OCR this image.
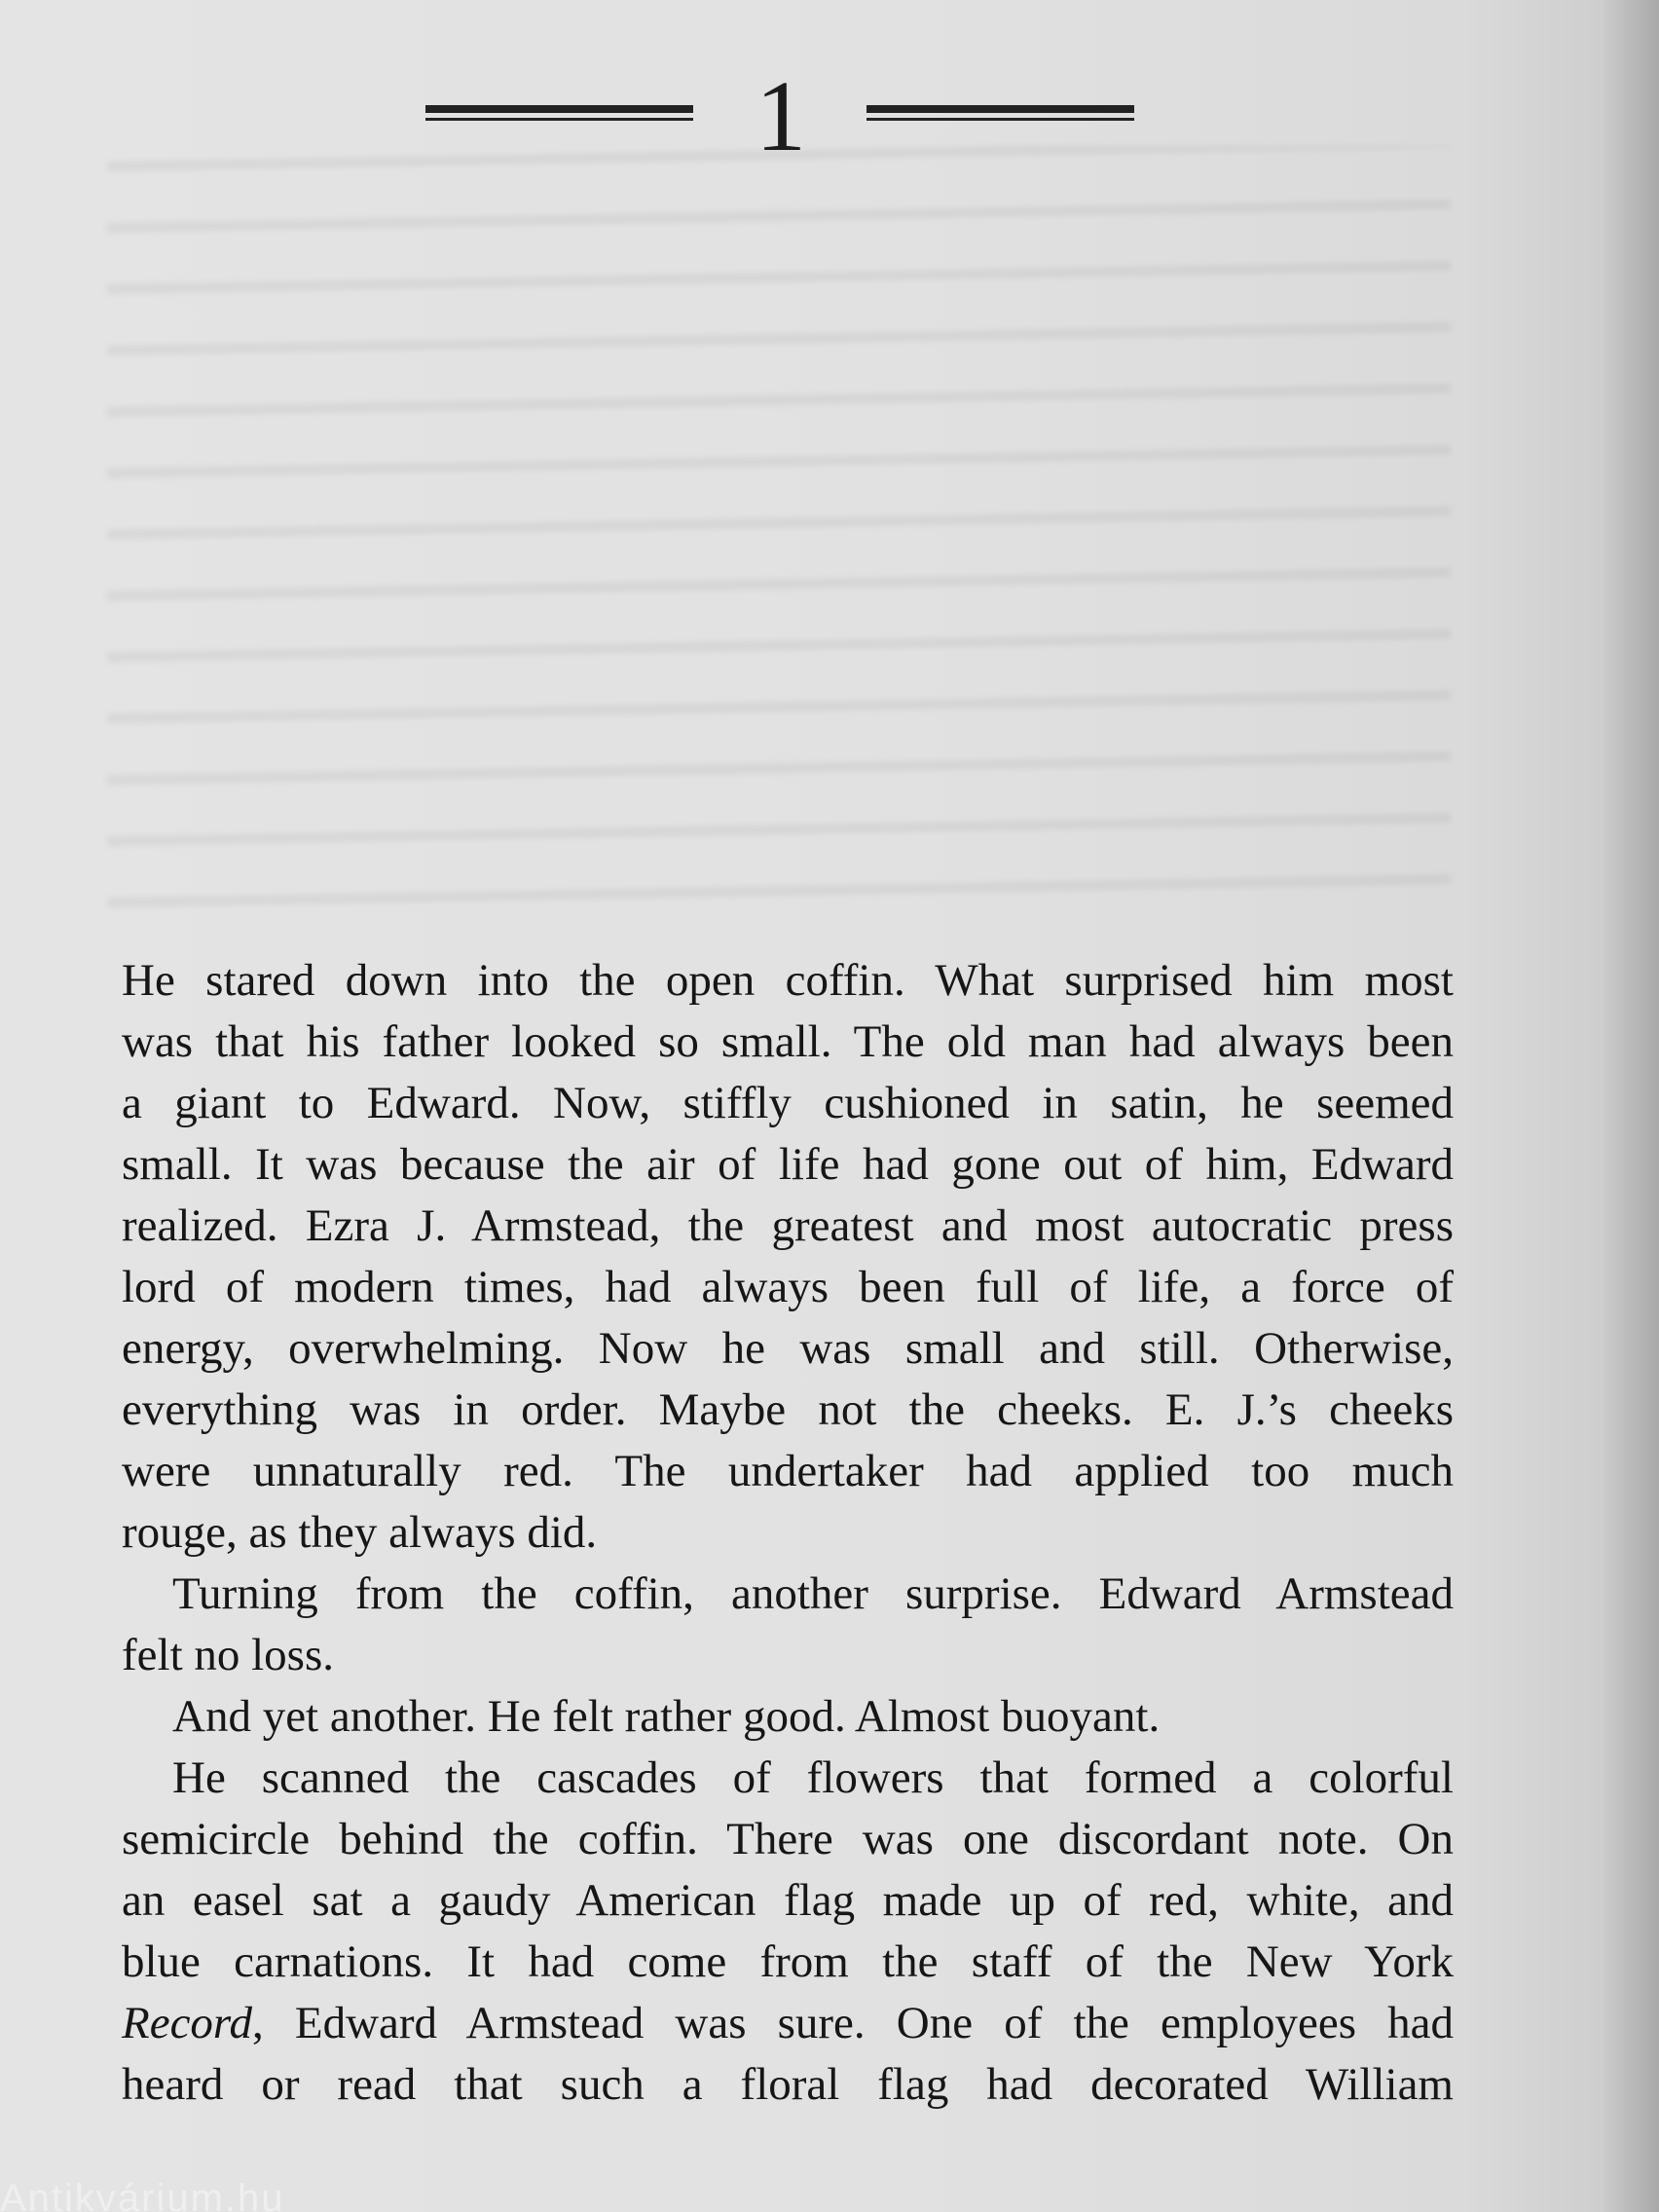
1
He stared down into the open coffin. What surprised him most
was that his father looked so small. The old man had always been
a giant to Edward. Now, stiffly cushioned in satin, he seemed
small. It was because the air of life had gone out of him, Edward
realized. Ezra J. Armstead, the greatest and most autocratic press
lord of modern times, had always been full of life, a force of
energy, overwhelming. Now he was small and still. Otherwise,
everything was in order. Maybe not the cheeks. E. J.’s cheeks
were unnaturally red. The undertaker had applied too much
rouge, as they always did.
Turning from the coffin, another surprise. Edward Armstead
felt no loss.
And yet another. He felt rather good. Almost buoyant.
He scanned the cascades of flowers that formed a colorful
semicircle behind the coffin. There was one discordant note. On
an easel sat a gaudy American flag made up of red, white, and
blue carnations. It had come from the staff of the New York
Record, Edward Armstead was sure. One of the employees had
heard or read that such a floral flag had decorated William
Antikvárium.hu
